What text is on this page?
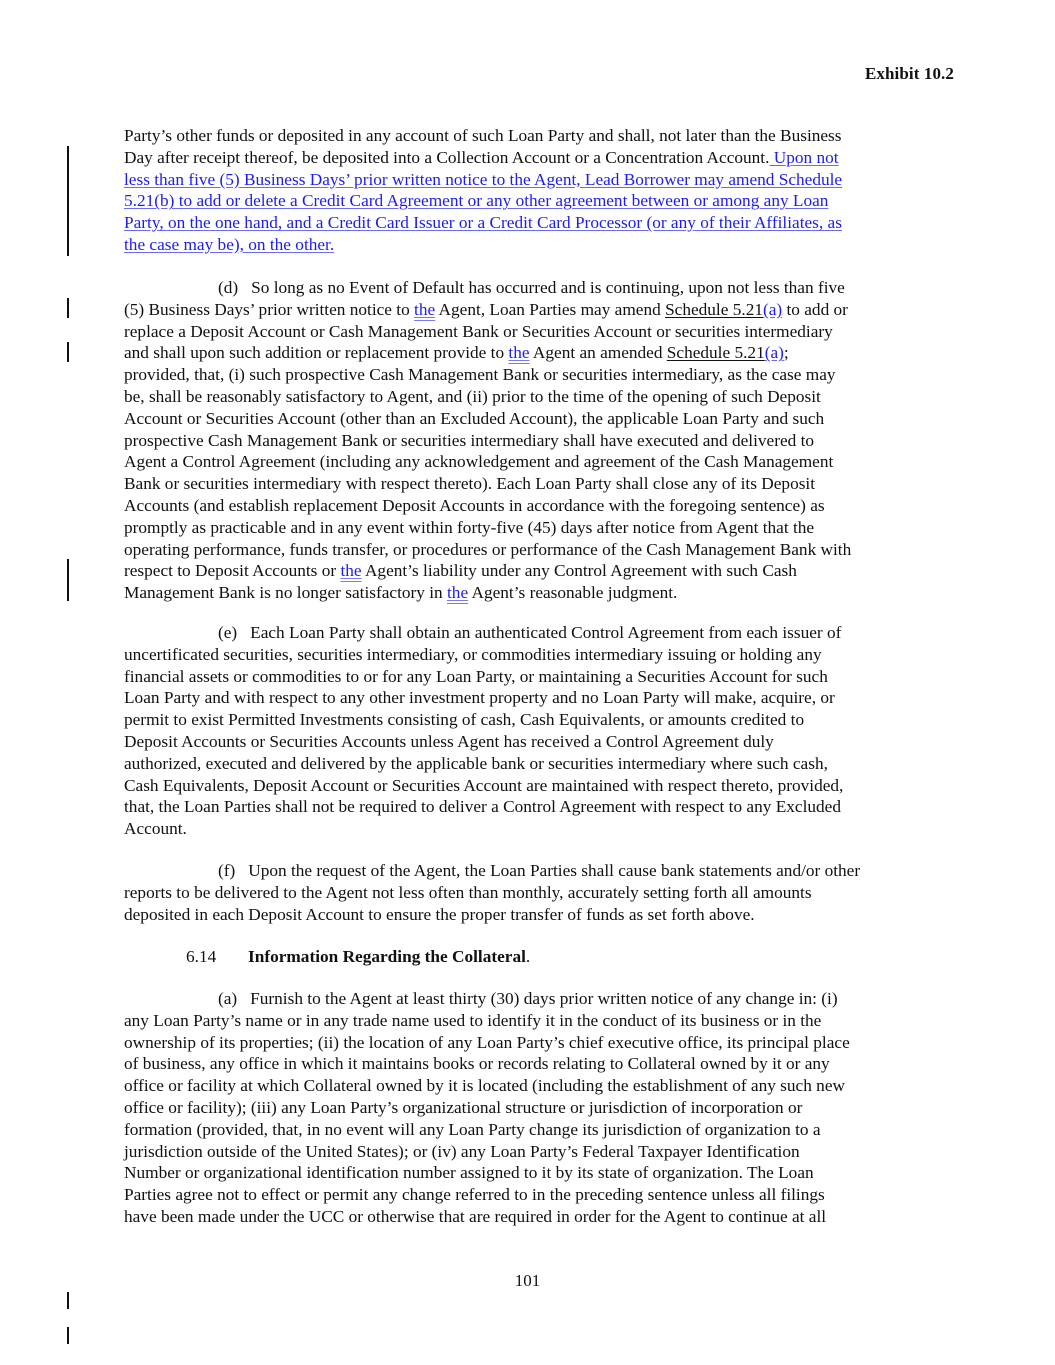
Exhibit 10.2
Party’s other funds or deposited in any account of such Loan Party and shall, not later than the Business
Day after receipt thereof, be deposited into a Collection Account or a Concentration Account. Upon not
less than five (5) Business Days’ prior written notice to the Agent, Lead Borrower may amend Schedule
5.21(b) to add or delete a Credit Card Agreement or any other agreement between or among any Loan
Party, on the one hand, and a Credit Card Issuer or a Credit Card Processor (or any of their Affiliates, as
the case may be), on the other.
(d) So long as no Event of Default has occurred and is continuing, upon not less than five
(5) Business Days’ prior written notice to the Agent, Loan Parties may amend Schedule 5.21(a) to add or
replace a Deposit Account or Cash Management Bank or Securities Account or securities intermediary
and shall upon such addition or replacement provide to the Agent an amended Schedule 5.21(a);
provided, that, (i) such prospective Cash Management Bank or securities intermediary, as the case may
be, shall be reasonably satisfactory to Agent, and (ii) prior to the time of the opening of such Deposit
Account or Securities Account (other than an Excluded Account), the applicable Loan Party and such
prospective Cash Management Bank or securities intermediary shall have executed and delivered to
Agent a Control Agreement (including any acknowledgement and agreement of the Cash Management
Bank or securities intermediary with respect thereto). Each Loan Party shall close any of its Deposit
Accounts (and establish replacement Deposit Accounts in accordance with the foregoing sentence) as
promptly as practicable and in any event within forty-five (45) days after notice from Agent that the
operating performance, funds transfer, or procedures or performance of the Cash Management Bank with
respect to Deposit Accounts or the Agent’s liability under any Control Agreement with such Cash
Management Bank is no longer satisfactory in the Agent’s reasonable judgment.
(e) Each Loan Party shall obtain an authenticated Control Agreement from each issuer of
uncertificated securities, securities intermediary, or commodities intermediary issuing or holding any
financial assets or commodities to or for any Loan Party, or maintaining a Securities Account for such
Loan Party and with respect to any other investment property and no Loan Party will make, acquire, or
permit to exist Permitted Investments consisting of cash, Cash Equivalents, or amounts credited to
Deposit Accounts or Securities Accounts unless Agent has received a Control Agreement duly
authorized, executed and delivered by the applicable bank or securities intermediary where such cash,
Cash Equivalents, Deposit Account or Securities Account are maintained with respect thereto, provided,
that, the Loan Parties shall not be required to deliver a Control Agreement with respect to any Excluded
Account.
(f) Upon the request of the Agent, the Loan Parties shall cause bank statements and/or other
reports to be delivered to the Agent not less often than monthly, accurately setting forth all amounts
deposited in each Deposit Account to ensure the proper transfer of funds as set forth above.
6.14 Information Regarding the Collateral.
(a) Furnish to the Agent at least thirty (30) days prior written notice of any change in: (i)
any Loan Party’s name or in any trade name used to identify it in the conduct of its business or in the
ownership of its properties; (ii) the location of any Loan Party’s chief executive office, its principal place
of business, any office in which it maintains books or records relating to Collateral owned by it or any
office or facility at which Collateral owned by it is located (including the establishment of any such new
office or facility); (iii) any Loan Party’s organizational structure or jurisdiction of incorporation or
formation (provided, that, in no event will any Loan Party change its jurisdiction of organization to a
jurisdiction outside of the United States); or (iv) any Loan Party’s Federal Taxpayer Identification
Number or organizational identification number assigned to it by its state of organization. The Loan
Parties agree not to effect or permit any change referred to in the preceding sentence unless all filings
have been made under the UCC or otherwise that are required in order for the Agent to continue at all
101
